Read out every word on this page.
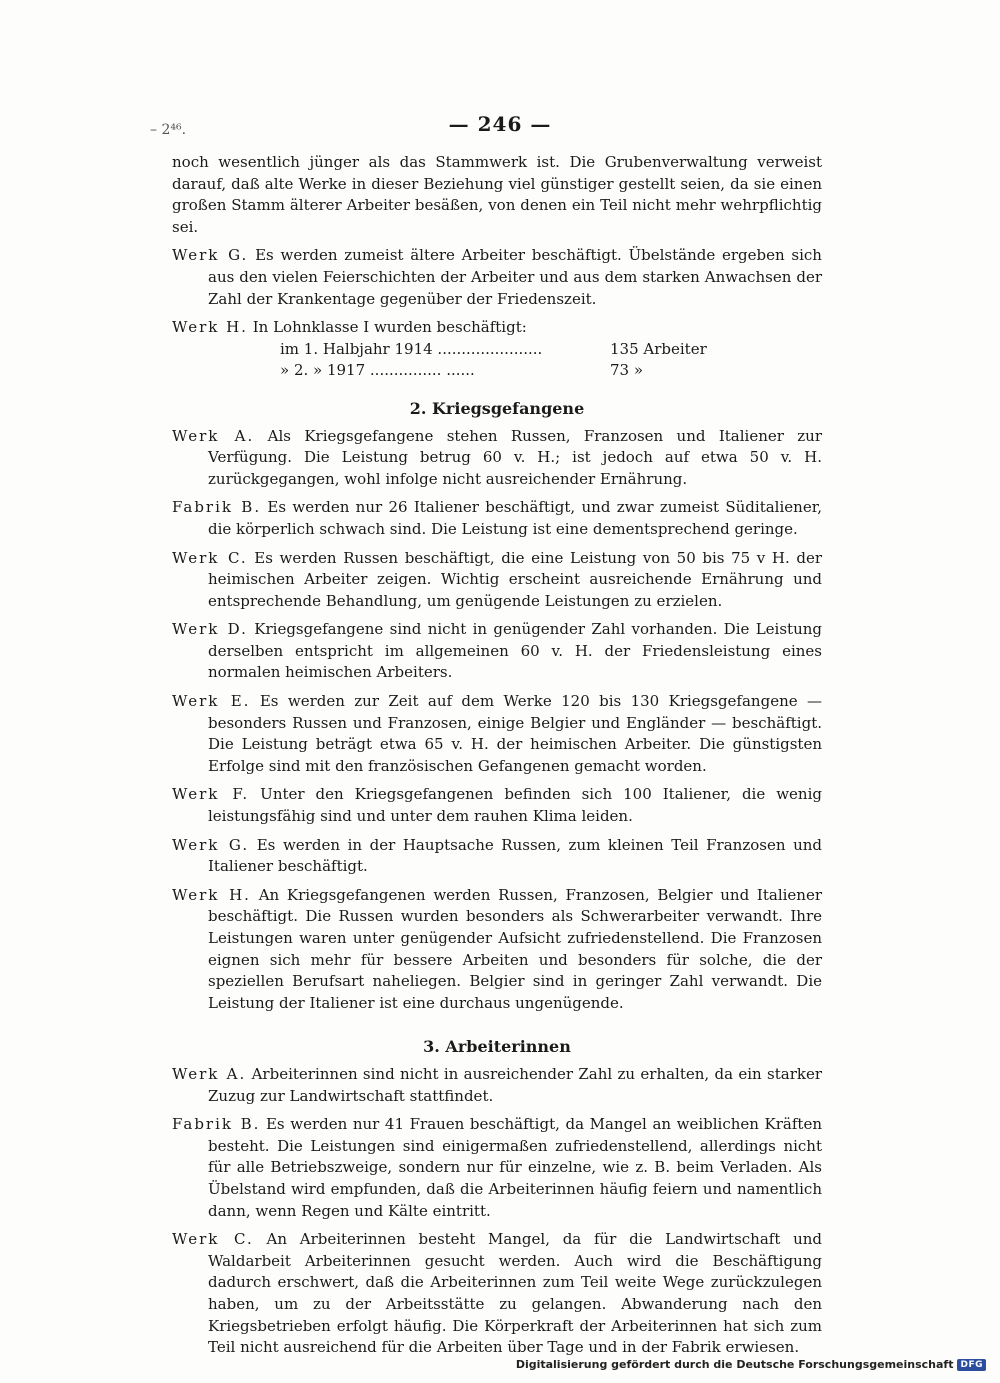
– 2⁴⁶.	— 246 —

noch wesentlich jünger als das Stammwerk ist. Die Grubenverwaltung verweist darauf, daß alte Werke in dieser Beziehung viel günstiger gestellt seien, da sie einen großen Stamm älterer Arbeiter besäßen, von denen ein Teil nicht mehr wehrpflichtig sei.

Werk G. Es werden zumeist ältere Arbeiter beschäftigt. Übelstände ergeben sich aus den vielen Feierschichten der Arbeiter und aus dem starken Anwachsen der Zahl der Krankentage gegenüber der Friedenszeit.

Werk H. In Lohnklasse I wurden beschäftigt:

im 1. Halbjahr 1914 ......................	135 Arbeiter
» 2. » 1917 ............... ......	73 »
2. Kriegsgefangene

Werk A. Als Kriegsgefangene stehen Russen, Franzosen und Italiener zur Verfügung. Die Leistung betrug 60 v. H.; ist jedoch auf etwa 50 v. H. zurückgegangen, wohl infolge nicht ausreichender Ernährung.

Fabrik B. Es werden nur 26 Italiener beschäftigt, und zwar zumeist Süditaliener, die körperlich schwach sind. Die Leistung ist eine dementsprechend geringe.

Werk C. Es werden Russen beschäftigt, die eine Leistung von 50 bis 75 v H. der heimischen Arbeiter zeigen. Wichtig erscheint ausreichende Ernährung und entsprechende Behandlung, um genügende Leistungen zu erzielen.

Werk D. Kriegsgefangene sind nicht in genügender Zahl vorhanden. Die Leistung derselben entspricht im allgemeinen 60 v. H. der Friedensleistung eines normalen heimischen Arbeiters.

Werk E. Es werden zur Zeit auf dem Werke 120 bis 130 Kriegsgefangene — besonders Russen und Franzosen, einige Belgier und Engländer — beschäftigt. Die Leistung beträgt etwa 65 v. H. der heimischen Arbeiter. Die günstigsten Erfolge sind mit den französischen Gefangenen gemacht worden.

Werk F. Unter den Kriegsgefangenen befinden sich 100 Italiener, die wenig leistungsfähig sind und unter dem rauhen Klima leiden.

Werk G. Es werden in der Hauptsache Russen, zum kleinen Teil Franzosen und Italiener beschäftigt.

Werk H. An Kriegsgefangenen werden Russen, Franzosen, Belgier und Italiener beschäftigt. Die Russen wurden besonders als Schwerarbeiter verwandt. Ihre Leistungen waren unter genügender Aufsicht zufriedenstellend. Die Franzosen eignen sich mehr für bessere Arbeiten und besonders für solche, die der speziellen Berufsart naheliegen. Belgier sind in geringer Zahl verwandt. Die Leistung der Italiener ist eine durchaus ungenügende.

3. Arbeiterinnen

Werk A. Arbeiterinnen sind nicht in ausreichender Zahl zu erhalten, da ein starker Zuzug zur Landwirtschaft stattfindet.

Fabrik B. Es werden nur 41 Frauen beschäftigt, da Mangel an weiblichen Kräften besteht. Die Leistungen sind einigermaßen zufriedenstellend, allerdings nicht für alle Betriebszweige, sondern nur für einzelne, wie z. B. beim Verladen. Als Übelstand wird empfunden, daß die Arbeiterinnen häufig feiern und namentlich dann, wenn Regen und Kälte eintritt.

Werk C. An Arbeiterinnen besteht Mangel, da für die Landwirtschaft und Waldarbeit Arbeiterinnen gesucht werden. Auch wird die Beschäftigung dadurch erschwert, daß die Arbeiterinnen zum Teil weite Wege zurückzulegen haben, um zu der Arbeitsstätte zu gelangen. Abwanderung nach den Kriegsbetrieben erfolgt häufig. Die Körperkraft der Arbeiterinnen hat sich zum Teil nicht ausreichend für die Arbeiten über Tage und in der Fabrik erwiesen.

Digitalisierung gefördert durch die Deutsche Forschungsgemeinschaft DFG
